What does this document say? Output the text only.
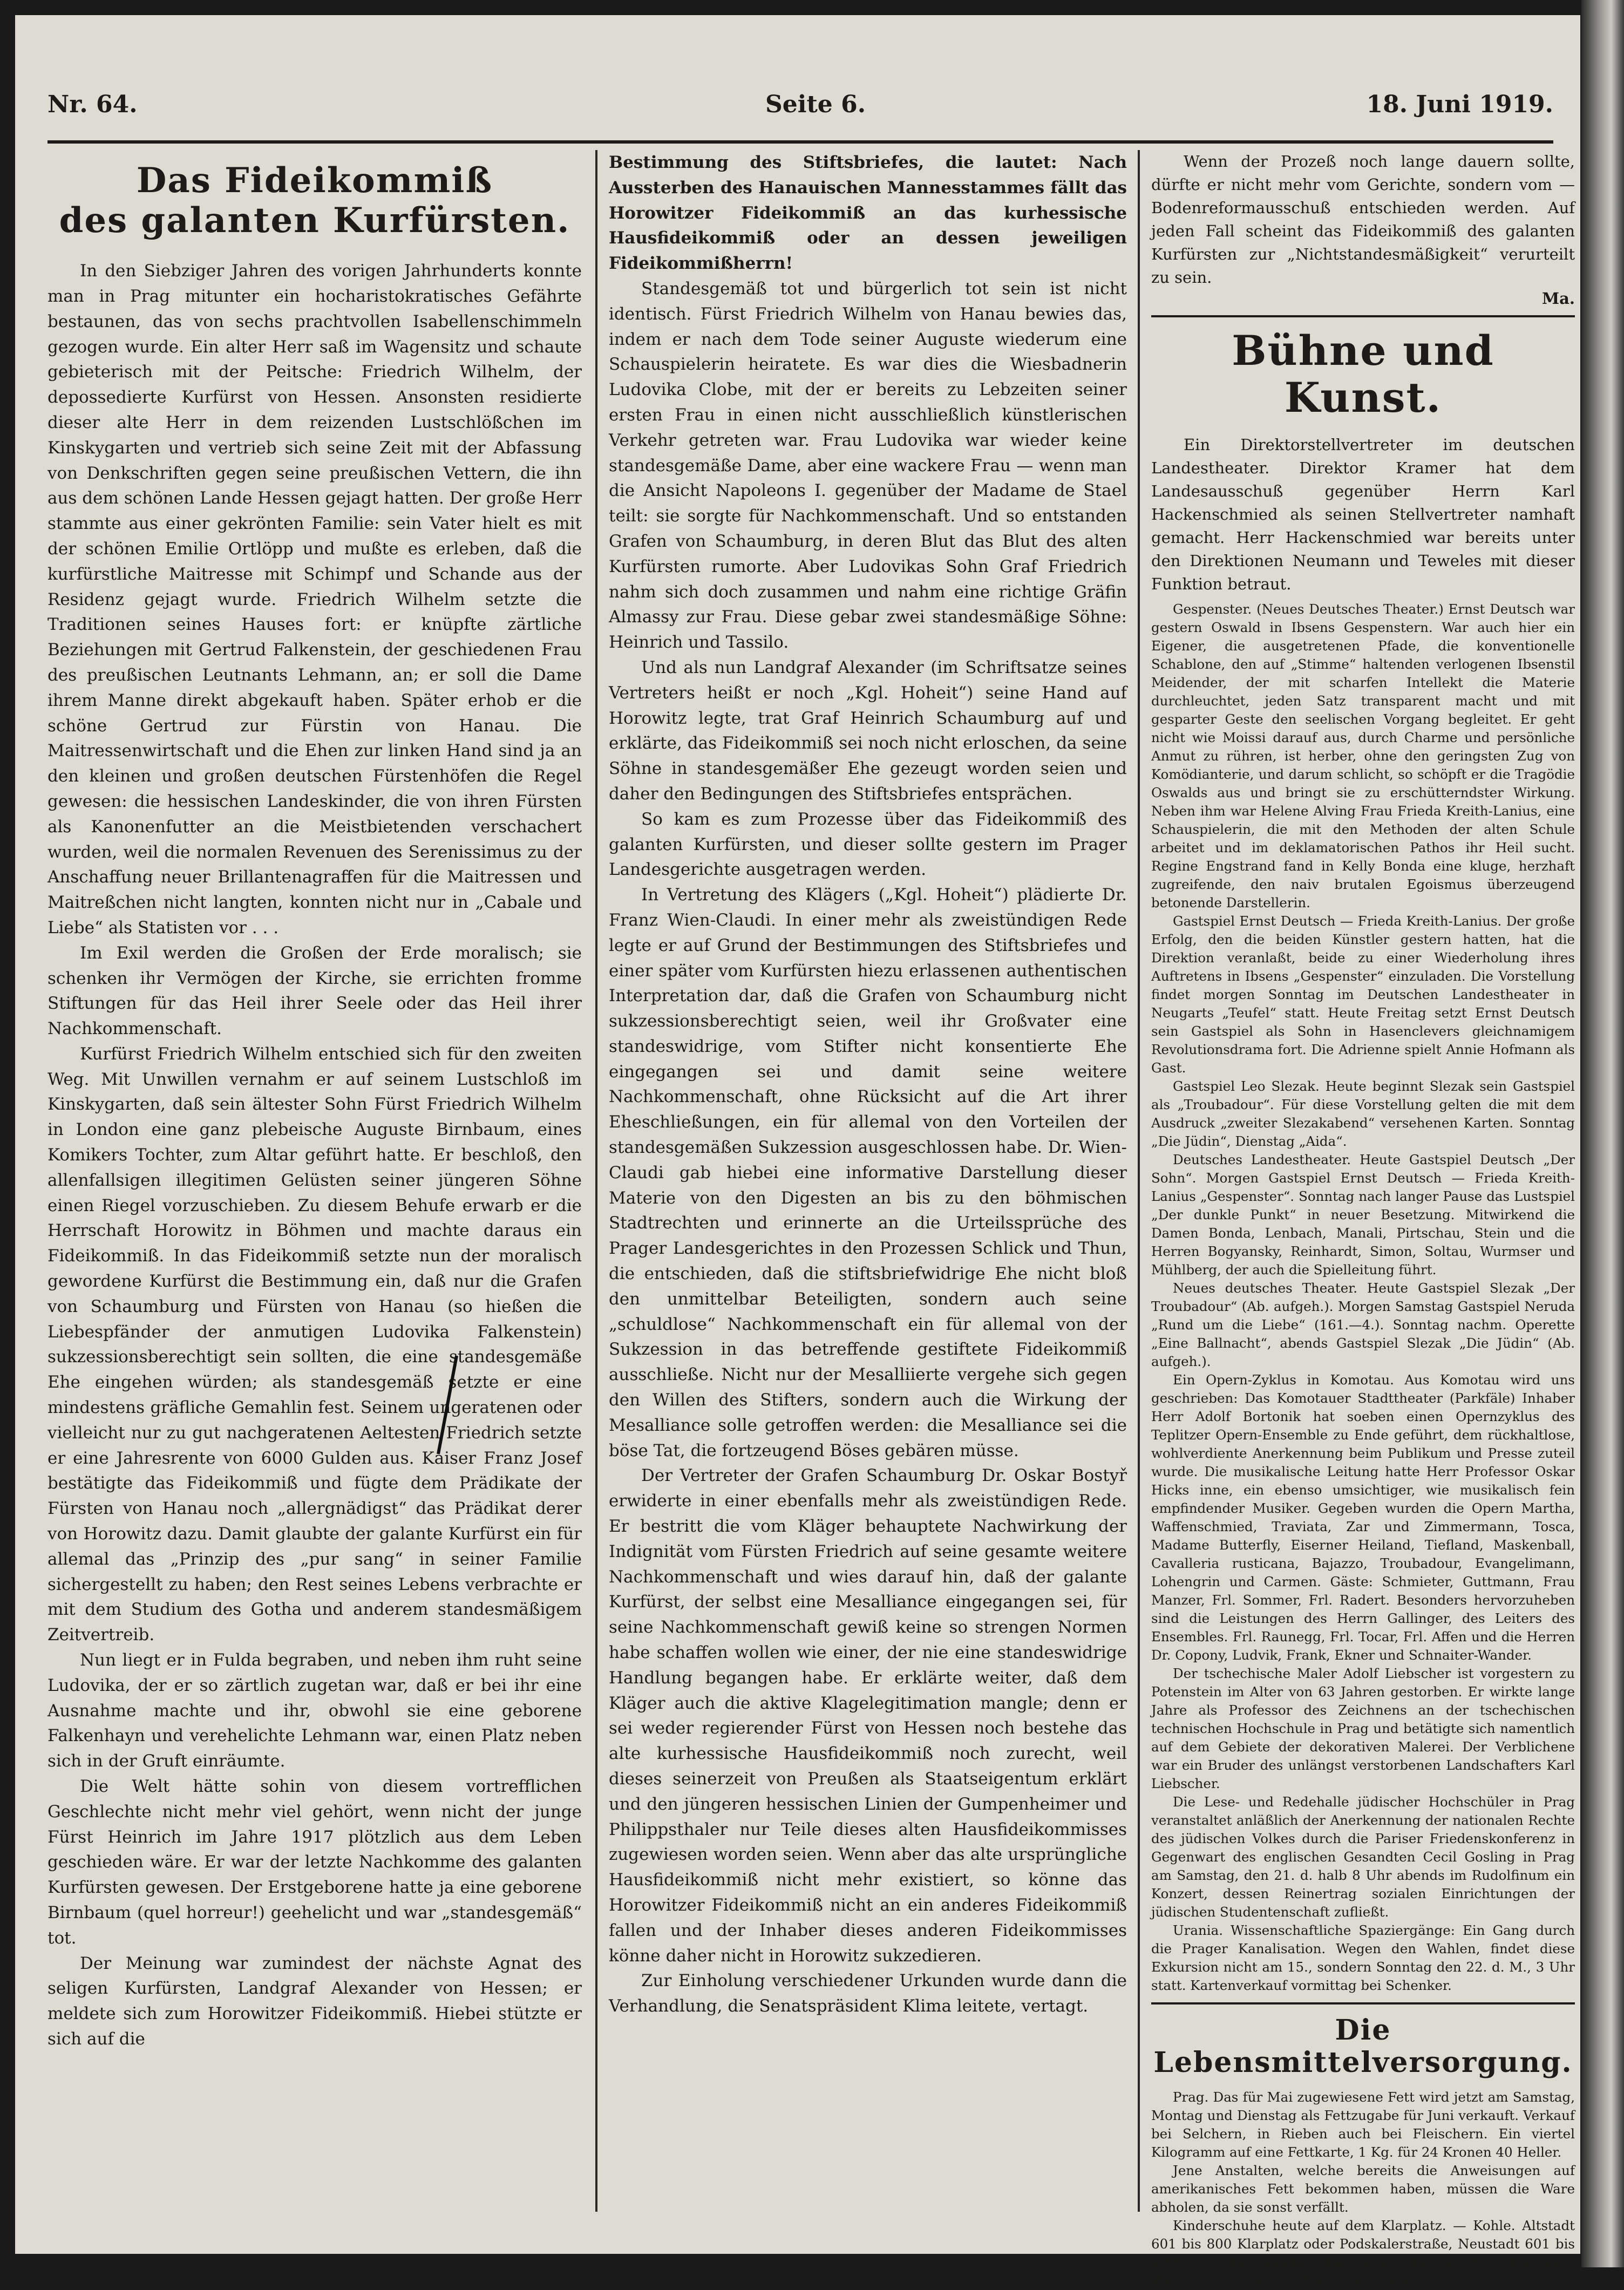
Nr. 64.	Seite 6.	18. Juni 1919.
Das Fideikommiß
des galanten Kurfürsten.

In den Siebziger Jahren des vorigen Jahrhunderts konnte man in Prag mitunter ein hocharistokratisches Gefährte bestaunen, das von sechs prachtvollen Isabellenschimmeln gezogen wurde. Ein alter Herr saß im Wagensitz und schaute gebieterisch mit der Peitsche: Friedrich Wilhelm, der depossedierte Kurfürst von Hessen. Ansonsten residierte dieser alte Herr in dem reizenden Lustschlößchen im Kinskygarten und vertrieb sich seine Zeit mit der Abfassung von Denkschriften gegen seine preußischen Vettern, die ihn aus dem schönen Lande Hessen gejagt hatten. Der große Herr stammte aus einer gekrönten Familie: sein Vater hielt es mit der schönen Emilie Ortlöpp und mußte es erleben, daß die kurfürstliche Maitresse mit Schimpf und Schande aus der Residenz gejagt wurde. Friedrich Wilhelm setzte die Traditionen seines Hauses fort: er knüpfte zärtliche Beziehungen mit Gertrud Falkenstein, der geschiedenen Frau des preußischen Leutnants Lehmann, an; er soll die Dame ihrem Manne direkt abgekauft haben. Später erhob er die schöne Gertrud zur Fürstin von Hanau. Die Maitressenwirtschaft und die Ehen zur linken Hand sind ja an den kleinen und großen deutschen Fürstenhöfen die Regel gewesen: die hessischen Landeskinder, die von ihren Fürsten als Kanonenfutter an die Meistbietenden verschachert wurden, weil die normalen Revenuen des Serenissimus zu der Anschaffung neuer Brillantenagraffen für die Maitressen und Maitreßchen nicht langten, konnten nicht nur in „Cabale und Liebe“ als Statisten vor . . .

Im Exil werden die Großen der Erde moralisch; sie schenken ihr Vermögen der Kirche, sie errichten fromme Stiftungen für das Heil ihrer Seele oder das Heil ihrer Nachkommenschaft.

Kurfürst Friedrich Wilhelm entschied sich für den zweiten Weg. Mit Unwillen vernahm er auf seinem Lustschloß im Kinskygarten, daß sein ältester Sohn Fürst Friedrich Wilhelm in London eine ganz plebeische Auguste Birnbaum, eines Komikers Tochter, zum Altar geführt hatte. Er beschloß, den allenfallsigen illegitimen Gelüsten seiner jüngeren Söhne einen Riegel vorzuschieben. Zu diesem Behufe erwarb er die Herrschaft Horowitz in Böhmen und machte daraus ein Fideikommiß. In das Fideikommiß setzte nun der moralisch gewordene Kurfürst die Bestimmung ein, daß nur die Grafen von Schaumburg und Fürsten von Hanau (so hießen die Liebespfänder der anmutigen Ludovika Falkenstein) sukzessionsberechtigt sein sollten, die eine standesgemäße Ehe eingehen würden; als standesgemäß setzte er eine mindestens gräfliche Gemahlin fest. Seinem ungeratenen oder vielleicht nur zu gut nachgeratenen Aeltesten Friedrich setzte er eine Jahresrente von 6000 Gulden aus. Kaiser Franz Josef bestätigte das Fideikommiß und fügte dem Prädikate der Fürsten von Hanau noch „allergnädigst“ das Prädikat derer von Horowitz dazu. Damit glaubte der galante Kurfürst ein für allemal das „Prinzip des „pur sang“ in seiner Familie sichergestellt zu haben; den Rest seines Lebens verbrachte er mit dem Studium des Gotha und anderem standesmäßigem Zeitvertreib.

Nun liegt er in Fulda begraben, und neben ihm ruht seine Ludovika, der er so zärtlich zugetan war, daß er bei ihr eine Ausnahme machte und ihr, obwohl sie eine geborene Falkenhayn und verehelichte Lehmann war, einen Platz neben sich in der Gruft einräumte.

Die Welt hätte sohin von diesem vortrefflichen Geschlechte nicht mehr viel gehört, wenn nicht der junge Fürst Heinrich im Jahre 1917 plötzlich aus dem Leben geschieden wäre. Er war der letzte Nachkomme des galanten Kurfürsten gewesen. Der Erstgeborene hatte ja eine geborene Birnbaum (quel horreur!) geehelicht und war „standesgemäß“ tot.

Der Meinung war zumindest der nächste Agnat des seligen Kurfürsten, Landgraf Alexander von Hessen; er meldete sich zum Horowitzer Fideikommiß. Hiebei stützte er sich auf die

Bestimmung des Stiftsbriefes, die lautet: Nach Aussterben des Hanauischen Mannesstammes fällt das Horowitzer Fideikommiß an das kurhessische Hausfideikommiß oder an dessen jeweiligen Fideikommißherrn!

Standesgemäß tot und bürgerlich tot sein ist nicht identisch. Fürst Friedrich Wilhelm von Hanau bewies das, indem er nach dem Tode seiner Auguste wiederum eine Schauspielerin heiratete. Es war dies die Wiesbadnerin Ludovika Clobe, mit der er bereits zu Lebzeiten seiner ersten Frau in einen nicht ausschließlich künstlerischen Verkehr getreten war. Frau Ludovika war wieder keine standesgemäße Dame, aber eine wackere Frau — wenn man die Ansicht Napoleons I. gegenüber der Madame de Stael teilt: sie sorgte für Nachkommenschaft. Und so entstanden Grafen von Schaumburg, in deren Blut das Blut des alten Kurfürsten rumorte. Aber Ludovikas Sohn Graf Friedrich nahm sich doch zusammen und nahm eine richtige Gräfin Almassy zur Frau. Diese gebar zwei standesmäßige Söhne: Heinrich und Tassilo.

Und als nun Landgraf Alexander (im Schriftsatze seines Vertreters heißt er noch „Kgl. Hoheit“) seine Hand auf Horowitz legte, trat Graf Heinrich Schaumburg auf und erklärte, das Fideikommiß sei noch nicht erloschen, da seine Söhne in standesgemäßer Ehe gezeugt worden seien und daher den Bedingungen des Stiftsbriefes entsprächen.

So kam es zum Prozesse über das Fideikommiß des galanten Kurfürsten, und dieser sollte gestern im Prager Landesgerichte ausgetragen werden.

In Vertretung des Klägers („Kgl. Hoheit“) plädierte Dr. Franz Wien-Claudi. In einer mehr als zweistündigen Rede legte er auf Grund der Bestimmungen des Stiftsbriefes und einer später vom Kurfürsten hiezu erlassenen authentischen Interpretation dar, daß die Grafen von Schaumburg nicht sukzessionsberechtigt seien, weil ihr Großvater eine standeswidrige, vom Stifter nicht konsentierte Ehe eingegangen sei und damit seine weitere Nachkommenschaft, ohne Rücksicht auf die Art ihrer Eheschließungen, ein für allemal von den Vorteilen der standesgemäßen Sukzession ausgeschlossen habe. Dr. Wien-Claudi gab hiebei eine informative Darstellung dieser Materie von den Digesten an bis zu den böhmischen Stadtrechten und erinnerte an die Urteilssprüche des Prager Landesgerichtes in den Prozessen Schlick und Thun, die entschieden, daß die stiftsbriefwidrige Ehe nicht bloß den unmittelbar Beteiligten, sondern auch seine „schuldlose“ Nachkommenschaft ein für allemal von der Sukzession in das betreffende gestiftete Fideikommiß ausschließe. Nicht nur der Mesalliierte vergehe sich gegen den Willen des Stifters, sondern auch die Wirkung der Mesalliance solle getroffen werden: die Mesalliance sei die böse Tat, die fortzeugend Böses gebären müsse.

Der Vertreter der Grafen Schaumburg Dr. Oskar Bostyř erwiderte in einer ebenfalls mehr als zweistündigen Rede. Er bestritt die vom Kläger behauptete Nachwirkung der Indignität vom Fürsten Friedrich auf seine gesamte weitere Nachkommenschaft und wies darauf hin, daß der galante Kurfürst, der selbst eine Mesalliance eingegangen sei, für seine Nachkommenschaft gewiß keine so strengen Normen habe schaffen wollen wie einer, der nie eine standeswidrige Handlung begangen habe. Er erklärte weiter, daß dem Kläger auch die aktive Klagelegitimation mangle; denn er sei weder regierender Fürst von Hessen noch bestehe das alte kurhessische Hausfideikommiß noch zurecht, weil dieses seinerzeit von Preußen als Staatseigentum erklärt und den jüngeren hessischen Linien der Gumpenheimer und Philippsthaler nur Teile dieses alten Hausfideikommisses zugewiesen worden seien. Wenn aber das alte ursprüngliche Hausfideikommiß nicht mehr existiert, so könne das Horowitzer Fideikommiß nicht an ein anderes Fideikommiß fallen und der Inhaber dieses anderen Fideikommisses könne daher nicht in Horowitz sukzedieren.

Zur Einholung verschiedener Urkunden wurde dann die Verhandlung, die Senatspräsident Klima leitete, vertagt.

Wenn der Prozeß noch lange dauern sollte, dürfte er nicht mehr vom Gerichte, sondern vom — Bodenreformausschuß entschieden werden. Auf jeden Fall scheint das Fideikommiß des galanten Kurfürsten zur „Nichtstandesmäßigkeit“ verurteilt zu sein.

Ma.
Bühne und Kunst.

Ein Direktorstellvertreter im deutschen Landestheater. Direktor Kramer hat dem Landesausschuß gegenüber Herrn Karl Hackenschmied als seinen Stellvertreter namhaft gemacht. Herr Hackenschmied war bereits unter den Direktionen Neumann und Teweles mit dieser Funktion betraut.

Gespenster. (Neues Deutsches Theater.) Ernst Deutsch war gestern Oswald in Ibsens Gespenstern. War auch hier ein Eigener, die ausgetretenen Pfade, die konventionelle Schablone, den auf „Stimme“ haltenden verlogenen Ibsenstil Meidender, der mit scharfen Intellekt die Materie durchleuchtet, jeden Satz transparent macht und mit gesparter Geste den seelischen Vorgang begleitet. Er geht nicht wie Moissi darauf aus, durch Charme und persönliche Anmut zu rühren, ist herber, ohne den geringsten Zug von Komödianterie, und darum schlicht, so schöpft er die Tragödie Oswalds aus und bringt sie zu erschütterndster Wirkung. Neben ihm war Helene Alving Frau Frieda Kreith-Lanius, eine Schauspielerin, die mit den Methoden der alten Schule arbeitet und im deklamatorischen Pathos ihr Heil sucht. Regine Engstrand fand in Kelly Bonda eine kluge, herzhaft zugreifende, den naiv brutalen Egoismus überzeugend betonende Darstellerin.

Gastspiel Ernst Deutsch — Frieda Kreith-Lanius. Der große Erfolg, den die beiden Künstler gestern hatten, hat die Direktion veranlaßt, beide zu einer Wiederholung ihres Auftretens in Ibsens „Gespenster“ einzuladen. Die Vorstellung findet morgen Sonntag im Deutschen Landestheater in Neugarts „Teufel“ statt. Heute Freitag setzt Ernst Deutsch sein Gastspiel als Sohn in Hasenclevers gleichnamigem Revolutionsdrama fort. Die Adrienne spielt Annie Hofmann als Gast.

Gastspiel Leo Slezak. Heute beginnt Slezak sein Gastspiel als „Troubadour“. Für diese Vorstellung gelten die mit dem Ausdruck „zweiter Slezakabend“ versehenen Karten. Sonntag „Die Jüdin“, Dienstag „Aida“.

Deutsches Landestheater. Heute Gastspiel Deutsch „Der Sohn“. Morgen Gastspiel Ernst Deutsch — Frieda Kreith-Lanius „Gespenster“. Sonntag nach langer Pause das Lustspiel „Der dunkle Punkt“ in neuer Besetzung. Mitwirkend die Damen Bonda, Lenbach, Manali, Pirtschau, Stein und die Herren Bogyansky, Reinhardt, Simon, Soltau, Wurmser und Mühlberg, der auch die Spielleitung führt.

Neues deutsches Theater. Heute Gastspiel Slezak „Der Troubadour“ (Ab. aufgeh.). Morgen Samstag Gastspiel Neruda „Rund um die Liebe“ (161.—4.). Sonntag nachm. Operette „Eine Ballnacht“, abends Gastspiel Slezak „Die Jüdin“ (Ab. aufgeh.).

Ein Opern-Zyklus in Komotau. Aus Komotau wird uns geschrieben: Das Komotauer Stadttheater (Parkfäle) Inhaber Herr Adolf Bortonik hat soeben einen Opernzyklus des Teplitzer Opern-Ensemble zu Ende geführt, dem rückhaltlose, wohlverdiente Anerkennung beim Publikum und Presse zuteil wurde. Die musikalische Leitung hatte Herr Professor Oskar Hicks inne, ein ebenso umsichtiger, wie musikalisch fein empfindender Musiker. Gegeben wurden die Opern Martha, Waffenschmied, Traviata, Zar und Zimmermann, Tosca, Madame Butterfly, Eiserner Heiland, Tiefland, Maskenball, Cavalleria rusticana, Bajazzo, Troubadour, Evangelimann, Lohengrin und Carmen. Gäste: Schmieter, Guttmann, Frau Manzer, Frl. Sommer, Frl. Radert. Besonders hervorzuheben sind die Leistungen des Herrn Gallinger, des Leiters des Ensembles. Frl. Raunegg, Frl. Tocar, Frl. Affen und die Herren Dr. Copony, Ludvik, Frank, Ekner und Schnaiter-Wander.

Der tschechische Maler Adolf Liebscher ist vorgestern zu Potenstein im Alter von 63 Jahren gestorben. Er wirkte lange Jahre als Professor des Zeichnens an der tschechischen technischen Hochschule in Prag und betätigte sich namentlich auf dem Gebiete der dekorativen Malerei. Der Verblichene war ein Bruder des unlängst verstorbenen Landschafters Karl Liebscher.

Die Lese- und Redehalle jüdischer Hochschüler in Prag veranstaltet anläßlich der Anerkennung der nationalen Rechte des jüdischen Volkes durch die Pariser Friedenskonferenz in Gegenwart des englischen Gesandten Cecil Gosling in Prag am Samstag, den 21. d. halb 8 Uhr abends im Rudolfinum ein Konzert, dessen Reinertrag sozialen Einrichtungen der jüdischen Studentenschaft zufließt.

Urania. Wissenschaftliche Spaziergänge: Ein Gang durch die Prager Kanalisation. Wegen den Wahlen, findet diese Exkursion nicht am 15., sondern Sonntag den 22. d. M., 3 Uhr statt. Kartenverkauf vormittag bei Schenker.

Die Lebensmittelversorgung.

Prag. Das für Mai zugewiesene Fett wird jetzt am Samstag, Montag und Dienstag als Fettzugabe für Juni verkauft. Verkauf bei Selchern, in Rieben auch bei Fleischern. Ein viertel Kilogramm auf eine Fettkarte, 1 Kg. für 24 Kronen 40 Heller.

Jene Anstalten, welche bereits die Anweisungen auf amerikanisches Fett bekommen haben, müssen die Ware abholen, da sie sonst verfällt.

Kinderschuhe heute auf dem Klarplatz. — Kohle. Altstadt 601 bis 800 Klarplatz oder Podskalerstraße, Neustadt 601 bis 1000 Podskalerstraße, Kleinseite 511 bis 610 Klarplatz, Wyschehrad 1 bis 100 Podskalerstraße.
